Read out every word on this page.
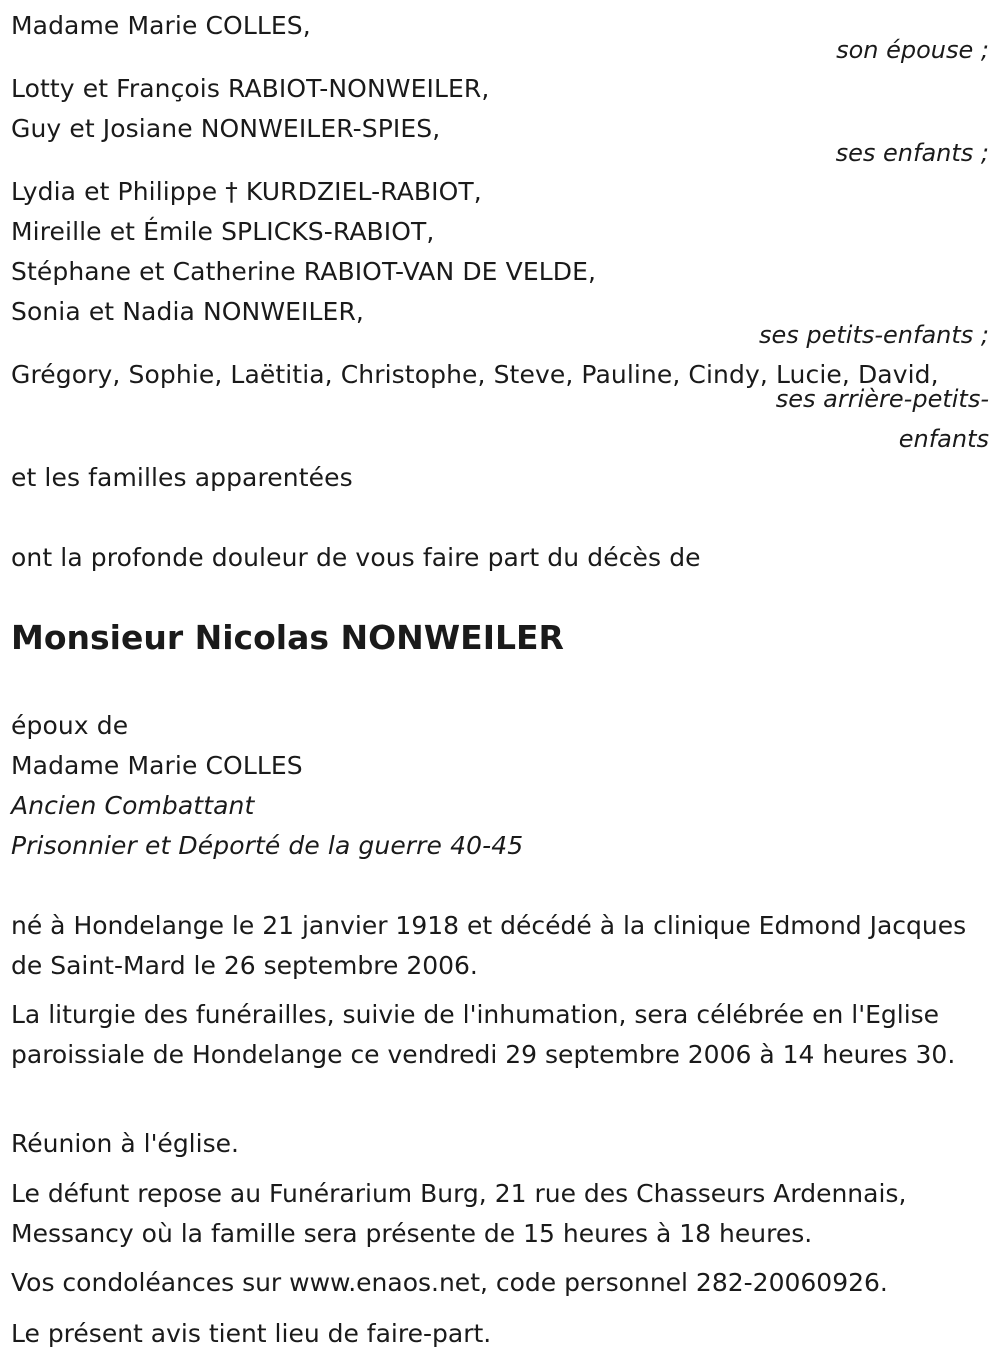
Madame Marie COLLES,
son épouse ;
Lotty et François RABIOT-NONWEILER,
Guy et Josiane NONWEILER-SPIES,
ses enfants ;
Lydia et Philippe † KURDZIEL-RABIOT,
Mireille et Émile SPLICKS-RABIOT,
Stéphane et Catherine RABIOT-VAN DE VELDE,
Sonia et Nadia NONWEILER,
ses petits-enfants ;
Grégory, Sophie, Laëtitia, Christophe, Steve, Pauline, Cindy, Lucie, David,
ses arrière-petits-
enfants
et les familles apparentées
ont la profonde douleur de vous faire part du décès de
Monsieur Nicolas NONWEILER
époux de
Madame Marie COLLES
Ancien Combattant
Prisonnier et Déporté de la guerre 40-45
né à Hondelange le 21 janvier 1918 et décédé à la clinique Edmond Jacques de Saint-Mard le 26 septembre 2006.
La liturgie des funérailles, suivie de l'inhumation, sera célébrée en l'Eglise paroissiale de Hondelange ce vendredi 29 septembre 2006 à 14 heures 30.
Réunion à l'église.
Le défunt repose au Funérarium Burg, 21 rue des Chasseurs Ardennais, Messancy où la famille sera présente de 15 heures à 18 heures.
Vos condoléances sur www.enaos.net, code personnel 282-20060926.
Le présent avis tient lieu de faire-part.
